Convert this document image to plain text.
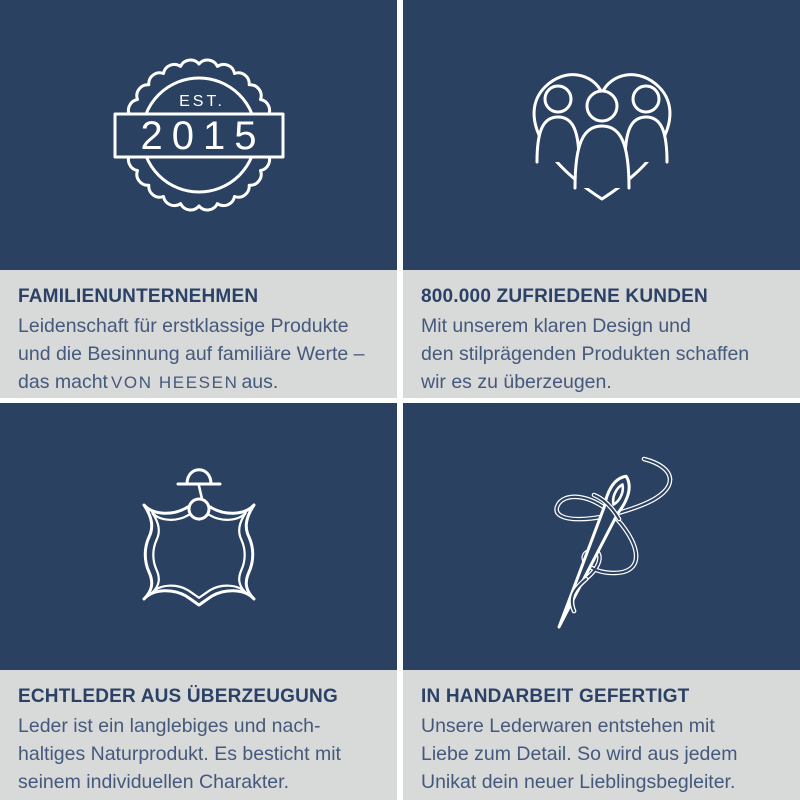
EST.
2015
FAMILIENUNTERNEHMEN
Leidenschaft für erstklassige Produkte
und die Besinnung auf familiäre Werte –
das macht VON HEESEN aus.
800.000 ZUFRIEDENE KUNDEN
Mit unserem klaren Design und
den stilprägenden Produkten schaffen
wir es zu überzeugen.
ECHTLEDER AUS ÜBERZEUGUNG
Leder ist ein langlebiges und nach-
haltiges Naturprodukt. Es besticht mit
seinem individuellen Charakter.
IN HANDARBEIT GEFERTIGT
Unsere Lederwaren entstehen mit
Liebe zum Detail. So wird aus jedem
Unikat dein neuer Lieblingsbegleiter.
